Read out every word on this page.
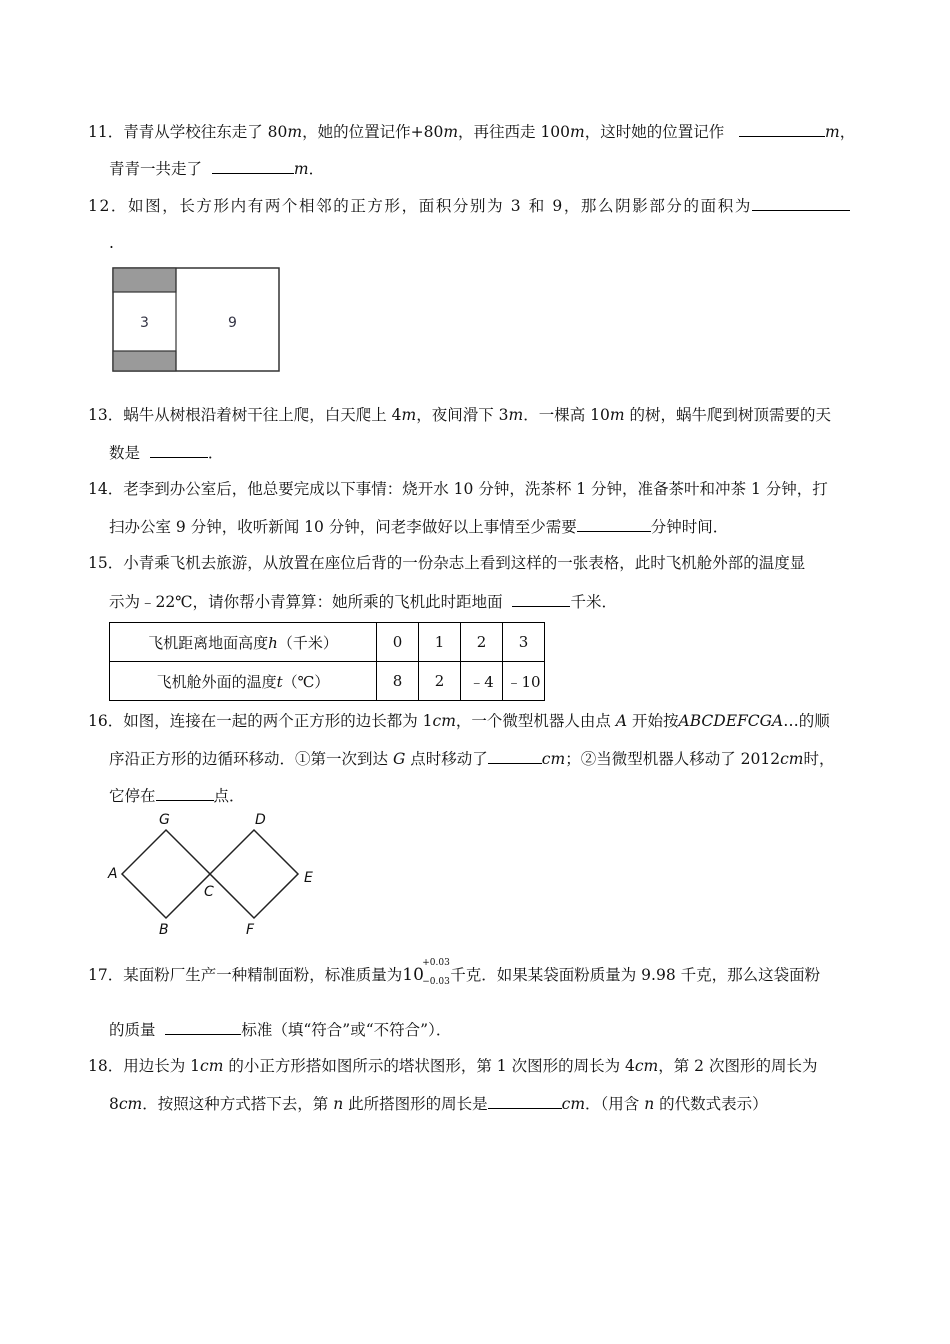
11．青青从学校往东走了 80m，她的位置记作+80m，再往西走 100m，这时她的位置记作	m，
青青一共走了	m．
12．如图，长方形内有两个相邻的正方形，面积分别为 3 和 9，那么阴影部分的面积为
.
3	9
13．蜗牛从树根沿着树干往上爬，白天爬上 4m，夜间滑下 3m．一棵高 10m 的树，蜗牛爬到树顶需要的天
数是	．
14．老李到办公室后，他总要完成以下事情：烧开水 10 分钟，洗茶杯 1 分钟，准备茶叶和冲茶 1 分钟，打
扫办公室 9 分钟，收听新闻 10 分钟，问老李做好以上事情至少需要	分钟时间．
15．小青乘飞机去旅游，从放置在座位后背的一份杂志上看到这样的一张表格，此时飞机舱外部的温度显
示为﹣22℃，请你帮小青算算：她所乘的飞机此时距地面	千米．
飞机距离地面高度h（千米）	0	1	2	3
飞机舱外面的温度t（℃）	8	2	﹣4	﹣10
16．如图，连接在一起的两个正方形的边长都为 1cm，一个微型机器人由点 A 开始按ABCDEFCGA…的顺
序沿正方形的边循环移动．①第一次到达 G 点时移动了	cm；②当微型机器人移动了 2012cm时，
它停在	点．
G	D
A
C
E
B	F
17．某面粉厂生产一种精制面粉，标准质量为 10
+0.03
−0.03 千克．如果某袋面粉质量为 9.98 千克，那么这袋面粉
的质量	标准（填“符合”或“不符合”）．
18．用边长为 1cm 的小正方形搭如图所示的塔状图形，第 1 次图形的周长为 4cm，第 2 次图形的周长为
8cm．按照这种方式搭下去，第 n 此所搭图形的周长是	cm．（用含 n 的代数式表示）
